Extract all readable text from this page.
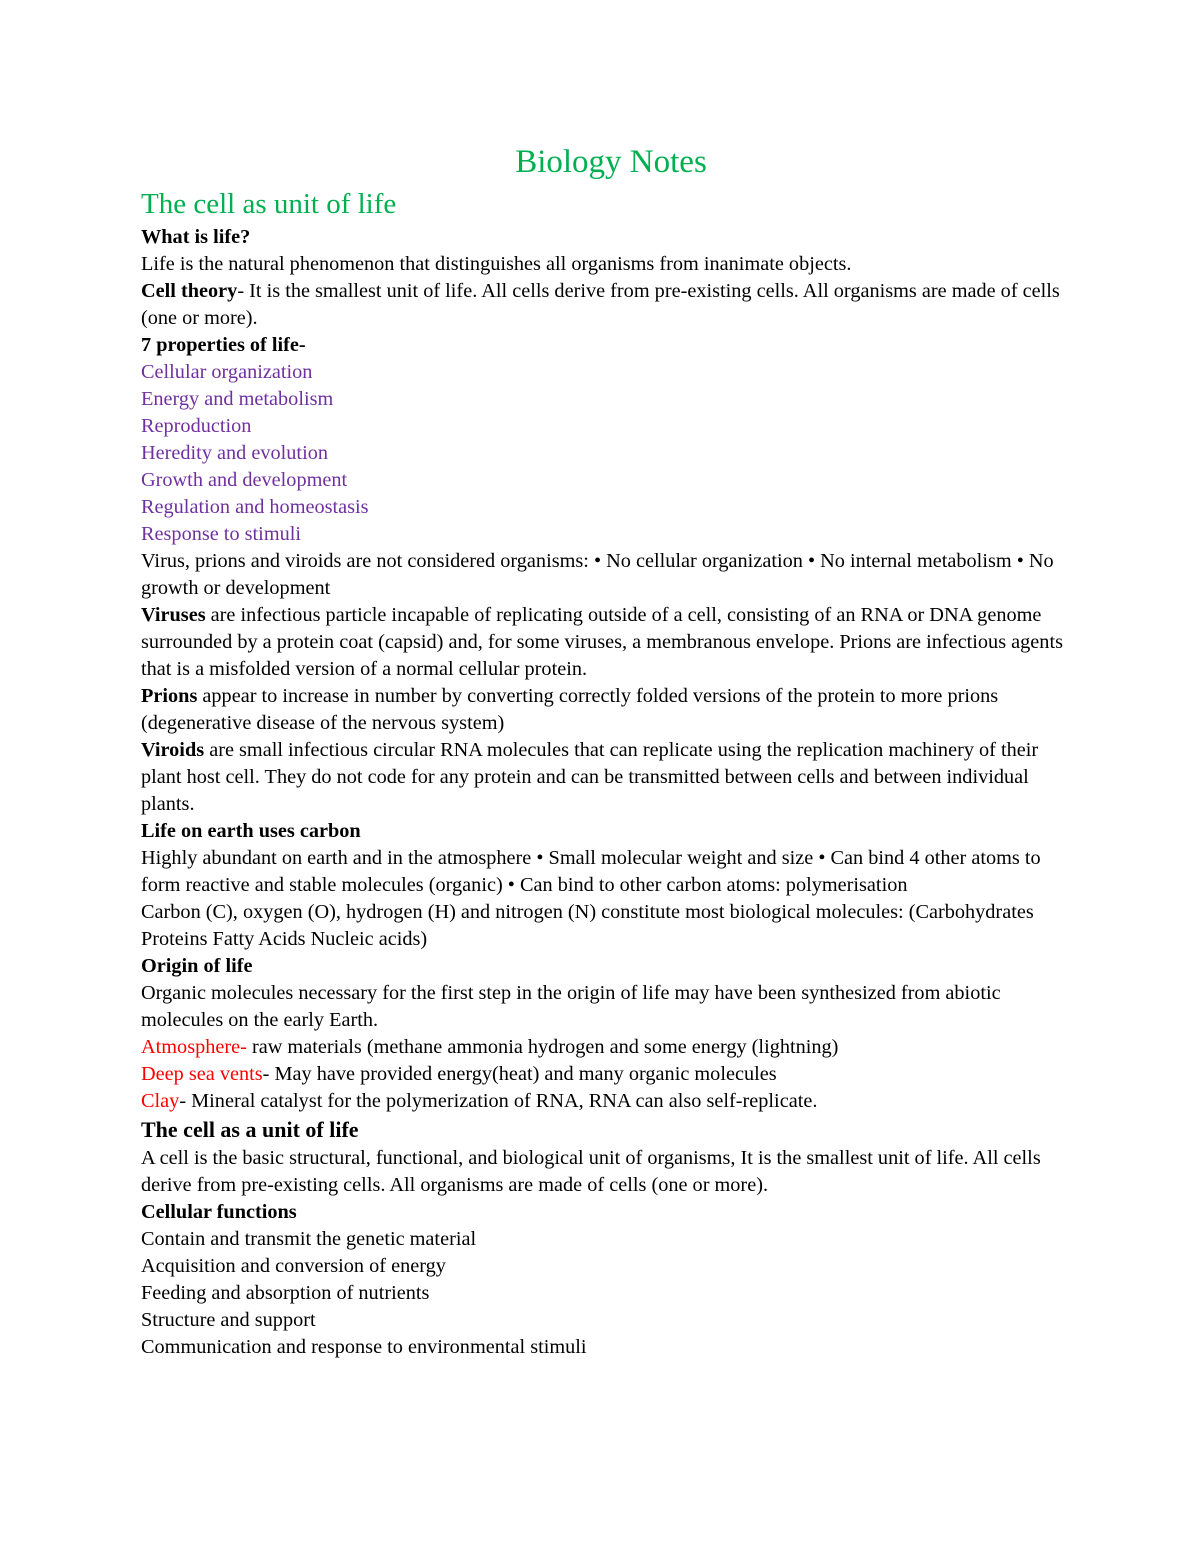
Biology Notes
The cell as unit of life

What is life?

Life is the natural phenomenon that distinguishes all organisms from inanimate objects.

Cell theory- It is the smallest unit of life. All cells derive from pre-existing cells. All organisms are made of cells (one or more).

7 properties of life-

Cellular organization

Energy and metabolism

Reproduction

Heredity and evolution

Growth and development

Regulation and homeostasis

Response to stimuli

Virus, prions and viroids are not considered organisms: • No cellular organization • No internal metabolism • No growth or development

Viruses are infectious particle incapable of replicating outside of a cell, consisting of an RNA or DNA genome surrounded by a protein coat (capsid) and, for some viruses, a membranous envelope. Prions are infectious agents that is a misfolded version of a normal cellular protein.

Prions appear to increase in number by converting correctly folded versions of the protein to more prions (degenerative disease of the nervous system)

Viroids are small infectious circular RNA molecules that can replicate using the replication machinery of their plant host cell. They do not code for any protein and can be transmitted between cells and between individual plants.

Life on earth uses carbon

Highly abundant on earth and in the atmosphere • Small molecular weight and size • Can bind 4 other atoms to form reactive and stable molecules (organic) • Can bind to other carbon atoms: polymerisation

Carbon (C), oxygen (O), hydrogen (H) and nitrogen (N) constitute most biological molecules: (Carbohydrates Proteins Fatty Acids Nucleic acids)

Origin of life

Organic molecules necessary for the first step in the origin of life may have been synthesized from abiotic molecules on the early Earth.

Atmosphere- raw materials (methane ammonia hydrogen and some energy (lightning)

Deep sea vents- May have provided energy(heat) and many organic molecules

Clay- Mineral catalyst for the polymerization of RNA, RNA can also self-replicate.

The cell as a unit of life

A cell is the basic structural, functional, and biological unit of organisms, It is the smallest unit of life. All cells derive from pre-existing cells. All organisms are made of cells (one or more).

Cellular functions

Contain and transmit the genetic material

Acquisition and conversion of energy

Feeding and absorption of nutrients

Structure and support

Communication and response to environmental stimuli
